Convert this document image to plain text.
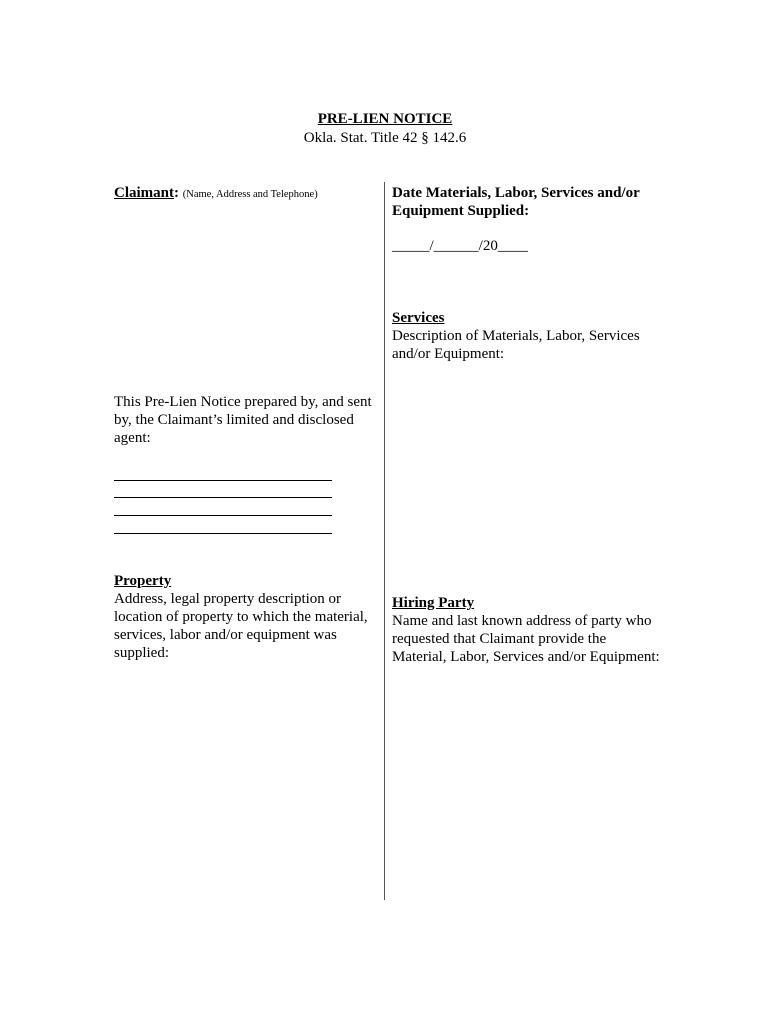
PRE-LIEN NOTICE
Okla. Stat. Title 42 § 142.6
Claimant: (Name, Address and Telephone)
This Pre-Lien Notice prepared by, and sent by, the Claimant’s limited and disclosed agent:
Property
Address, legal property description or location of property to which the material, services, labor and/or equipment was supplied:
Date Materials, Labor, Services and/or Equipment Supplied:
_____/______/20____
Services
Description of Materials, Labor, Services and/or Equipment:
Hiring Party
Name and last known address of party who requested that Claimant provide the Material, Labor, Services and/or Equipment:
